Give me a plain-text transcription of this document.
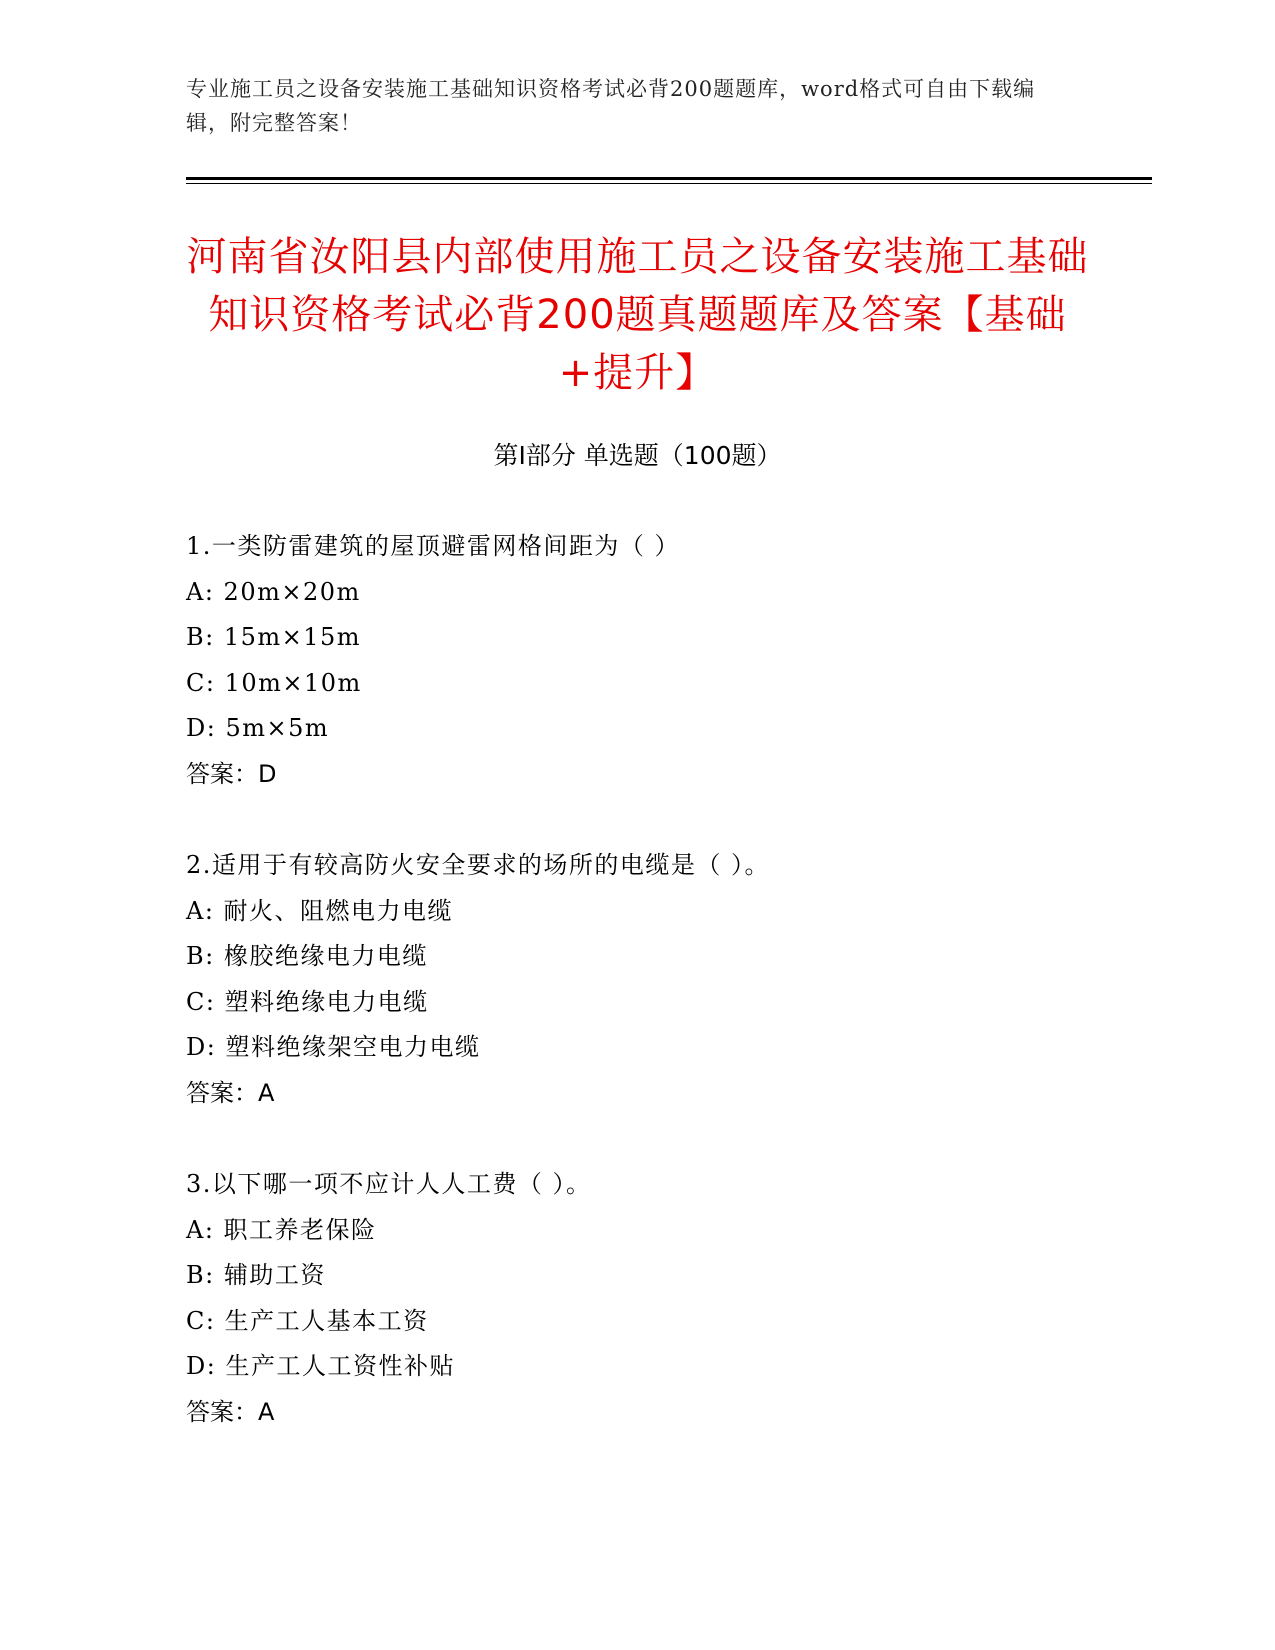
专业施工员之设备安装施工基础知识资格考试必背200题题库，word格式可自由下载编辑，附完整答案！
河南省汝阳县内部使用施工员之设备安装施工基础知识资格考试必背200题真题题库及答案【基础+提升】
第I部分 单选题（100题）
1.一类防雷建筑的屋顶避雷网格间距为（ ）
A: 20m×20m
B: 15m×15m
C: 10m×10m
D: 5m×5m
答案：D
2.适用于有较高防火安全要求的场所的电缆是（ ）。
A: 耐火、阻燃电力电缆
B: 橡胶绝缘电力电缆
C: 塑料绝缘电力电缆
D: 塑料绝缘架空电力电缆
答案：A
3.以下哪一项不应计人人工费（ ）。
A: 职工养老保险
B: 辅助工资
C: 生产工人基本工资
D: 生产工人工资性补贴
答案：A
